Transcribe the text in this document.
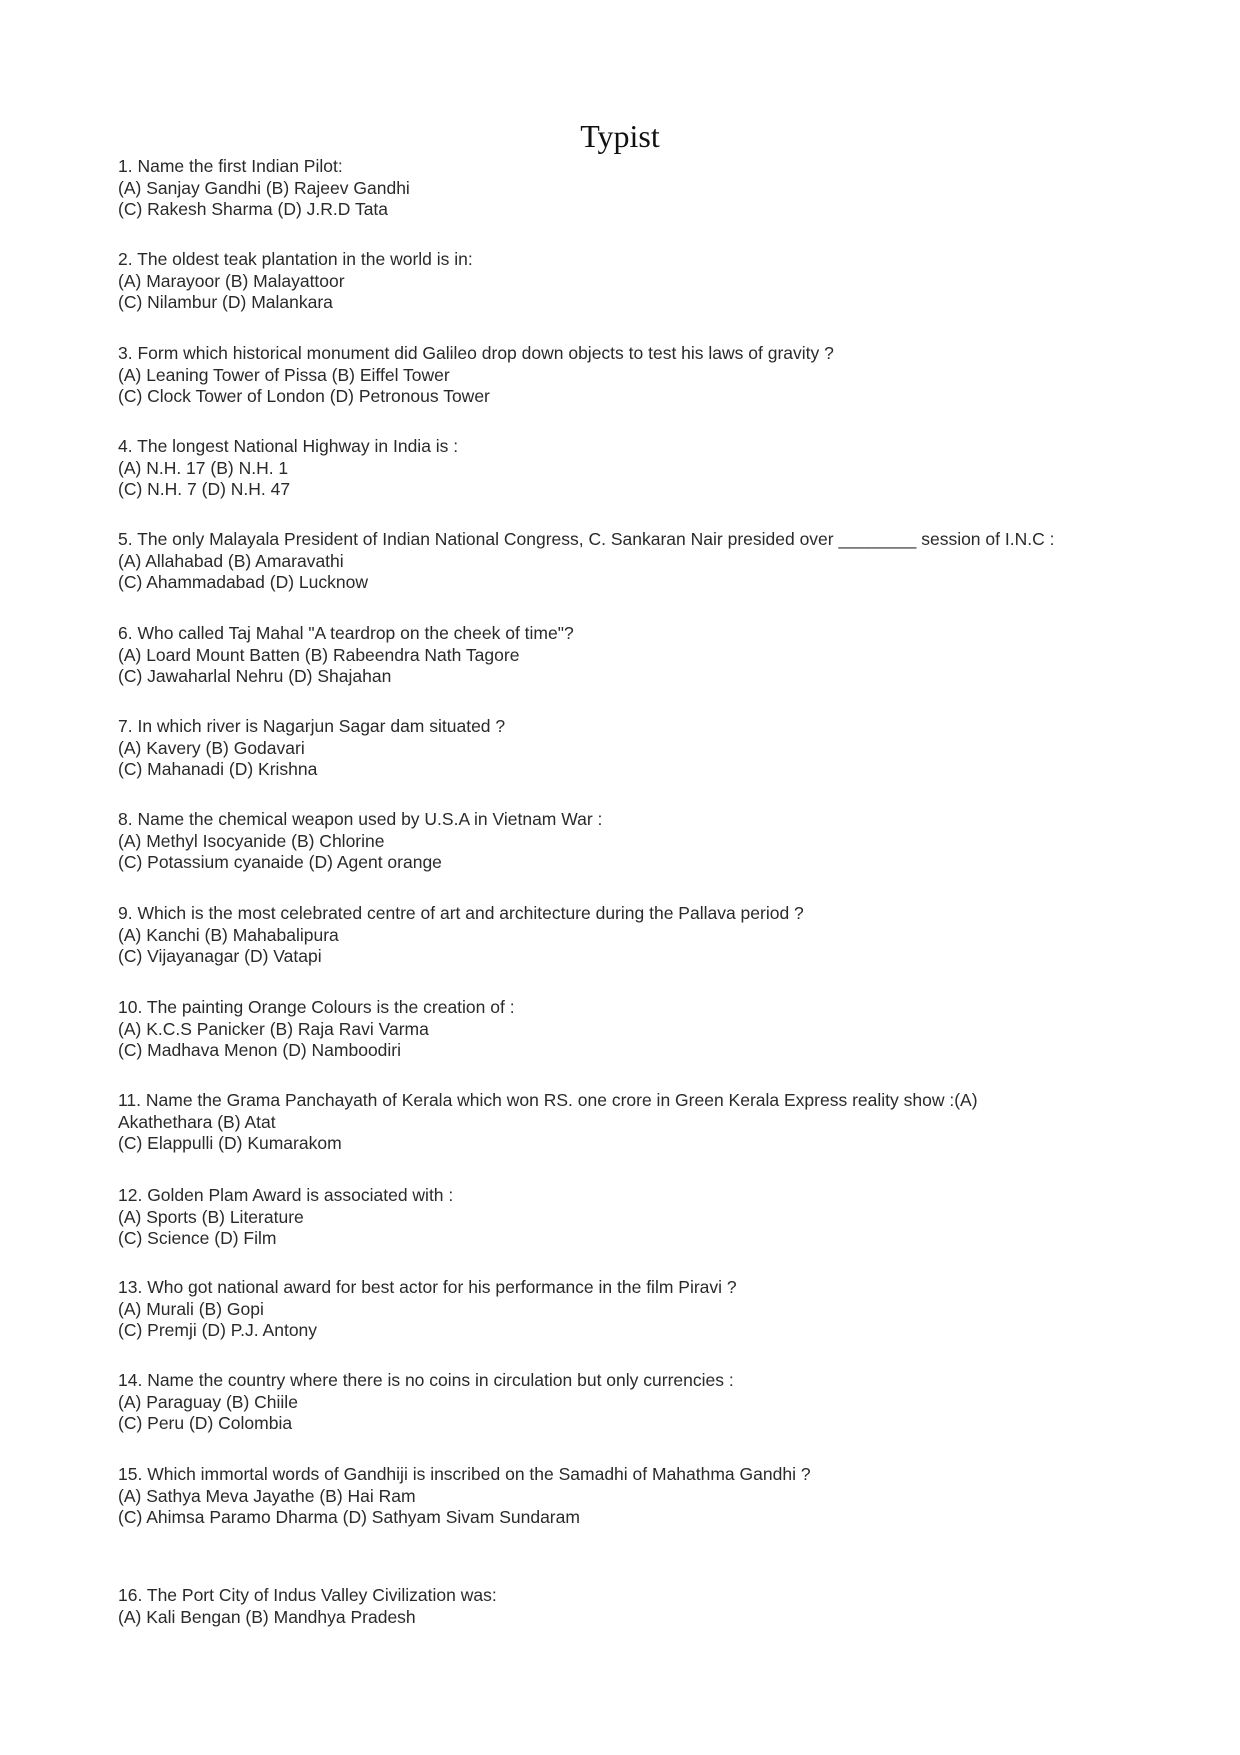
Typist
1. Name the first Indian Pilot:
(A) Sanjay Gandhi (B) Rajeev Gandhi
(C) Rakesh Sharma (D) J.R.D Tata
2. The oldest teak plantation in the world is in:
(A) Marayoor (B) Malayattoor
(C) Nilambur (D) Malankara
3. Form which historical monument did Galileo drop down objects to test his laws of gravity ?
(A) Leaning Tower of Pissa (B) Eiffel Tower
(C) Clock Tower of London (D) Petronous Tower
4. The longest National Highway in India is :
(A) N.H. 17 (B) N.H. 1
(C) N.H. 7 (D) N.H. 47
5. The only Malayala President of Indian National Congress, C. Sankaran Nair presided over ________ session of I.N.C :
(A) Allahabad (B) Amaravathi
(C) Ahammadabad (D) Lucknow
6. Who called Taj Mahal "A teardrop on the cheek of time"?
(A) Loard Mount Batten (B) Rabeendra Nath Tagore
(C) Jawaharlal Nehru (D) Shajahan
7. In which river is Nagarjun Sagar dam situated ?
(A) Kavery (B) Godavari
(C) Mahanadi (D) Krishna
8. Name the chemical weapon used by U.S.A in Vietnam War :
(A) Methyl Isocyanide (B) Chlorine
(C) Potassium cyanaide (D) Agent orange
9. Which is the most celebrated centre of art and architecture during the Pallava period ?
(A) Kanchi (B) Mahabalipura
(C) Vijayanagar (D) Vatapi
10. The painting Orange Colours is the creation of :
(A) K.C.S Panicker (B) Raja Ravi Varma
(C) Madhava Menon (D) Namboodiri
11. Name the Grama Panchayath of Kerala which won RS. one crore in Green Kerala Express reality show :(A)
Akathethara (B) Atat
(C) Elappulli (D) Kumarakom
12. Golden Plam Award is associated with :
(A) Sports (B) Literature
(C) Science (D) Film
13. Who got national award for best actor for his performance in the film Piravi ?
(A) Murali (B) Gopi
(C) Premji (D) P.J. Antony
14. Name the country where there is no coins in circulation but only currencies :
(A) Paraguay (B) Chiile
(C) Peru (D) Colombia
15. Which immortal words of Gandhiji is inscribed on the Samadhi of Mahathma Gandhi ?
(A) Sathya Meva Jayathe (B) Hai Ram
(C) Ahimsa Paramo Dharma (D) Sathyam Sivam Sundaram
16. The Port City of Indus Valley Civilization was:
(A) Kali Bengan (B) Mandhya Pradesh
